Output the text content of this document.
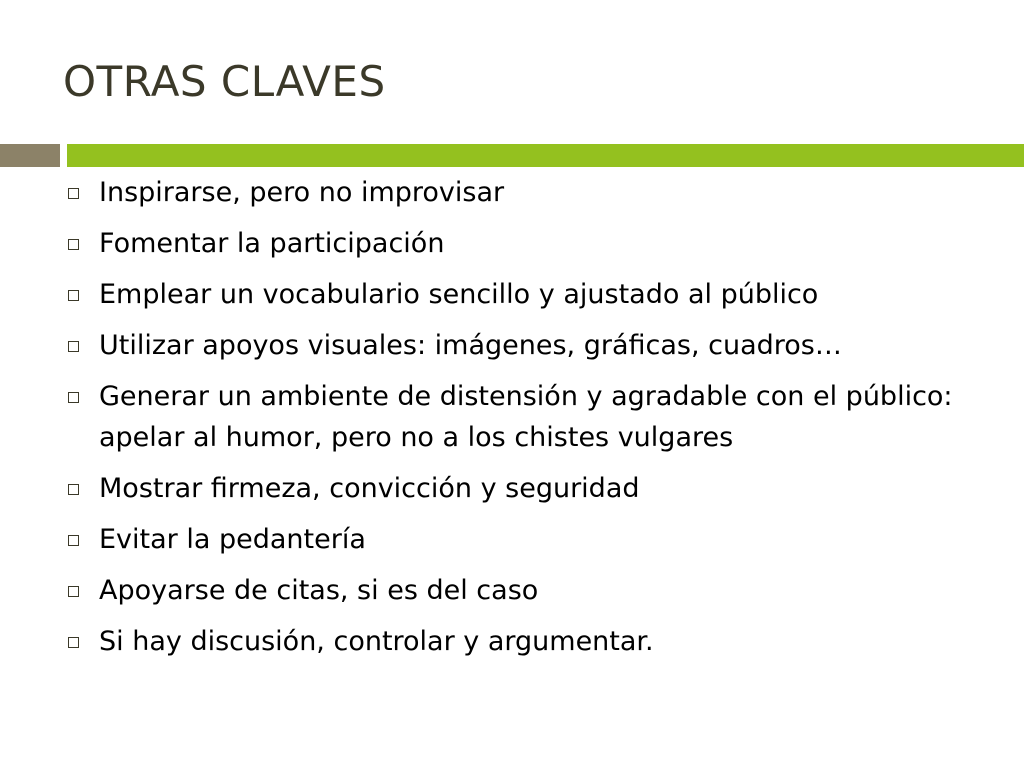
OTRAS CLAVES
Inspirarse, pero no improvisar
Fomentar la participación
Emplear un vocabulario sencillo y ajustado al público
Utilizar apoyos visuales: imágenes, gráficas, cuadros…
Generar un ambiente de distensión y agradable con el público: apelar al humor, pero no a los chistes vulgares
Mostrar firmeza, convicción y seguridad
Evitar la pedantería
Apoyarse de citas, si es del caso
Si hay discusión, controlar y argumentar.
